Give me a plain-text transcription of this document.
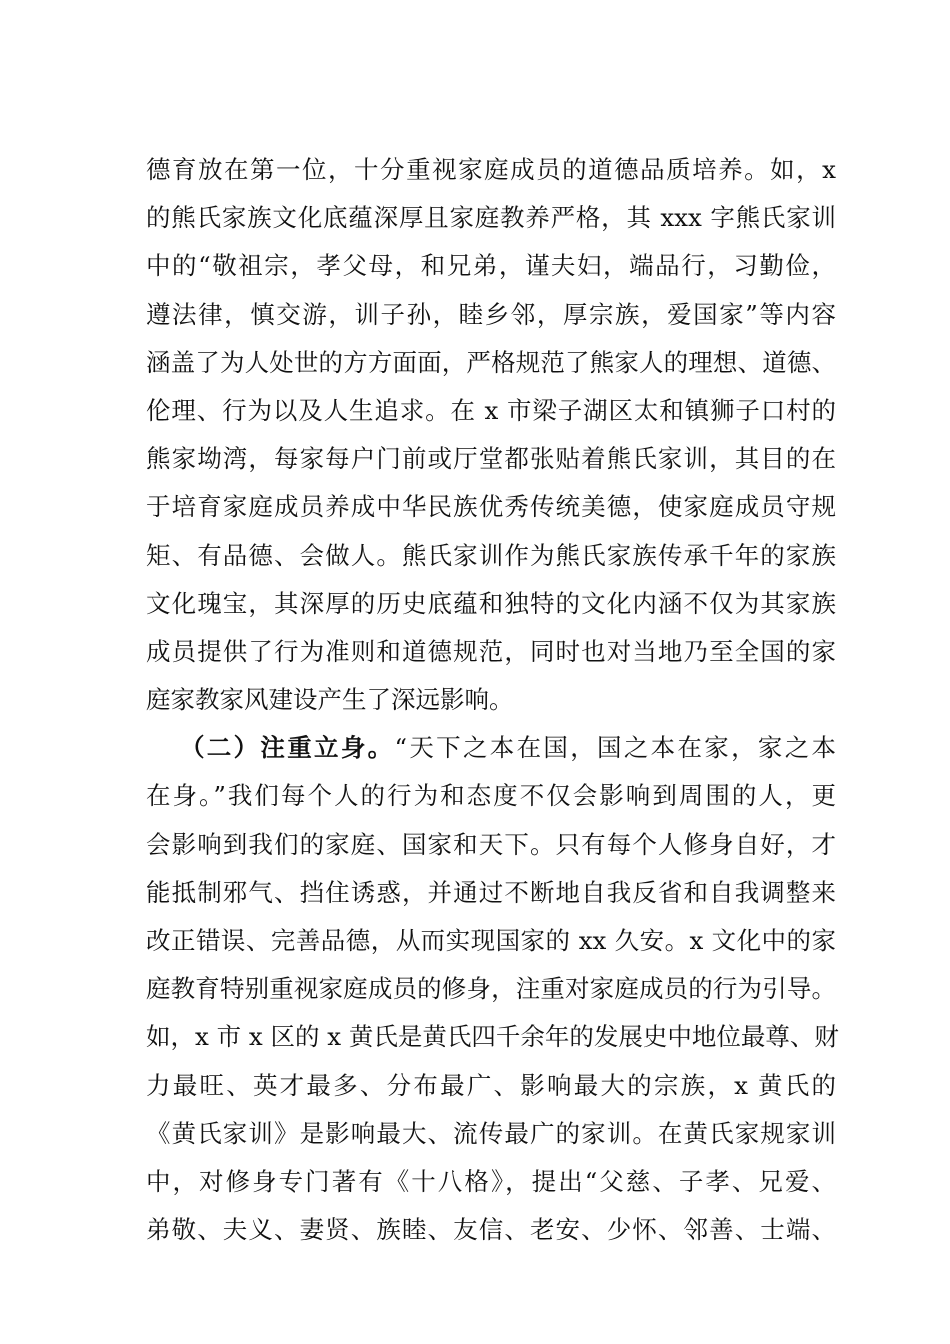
德育放在第一位，十分重视家庭成员的道德品质培养。如，x
的熊氏家族文化底蕴深厚且家庭教养严格，其 xxx 字熊氏家训
中的“敬祖宗，孝父母，和兄弟，谨夫妇，端品行，习勤俭，
遵法律，慎交游，训子孙，睦乡邻，厚宗族，爱国家”等内容
涵盖了为人处世的方方面面，严格规范了熊家人的理想、道德、
伦理、行为以及人生追求。在 x 市梁子湖区太和镇狮子口村的
熊家坳湾，每家每户门前或厅堂都张贴着熊氏家训，其目的在
于培育家庭成员养成中华民族优秀传统美德，使家庭成员守规
矩、有品德、会做人。熊氏家训作为熊氏家族传承千年的家族
文化瑰宝，其深厚的历史底蕴和独特的文化内涵不仅为其家族
成员提供了行为准则和道德规范，同时也对当地乃至全国的家
庭家教家风建设产生了深远影响。
（二）注重立身。“天下之本在国，国之本在家，家之本
在身。”我们每个人的行为和态度不仅会影响到周围的人，更
会影响到我们的家庭、国家和天下。只有每个人修身自好，才
能抵制邪气、挡住诱惑，并通过不断地自我反省和自我调整来
改正错误、完善品德，从而实现国家的 xx 久安。x 文化中的家
庭教育特别重视家庭成员的修身，注重对家庭成员的行为引导。
如，x 市 x 区的 x 黄氏是黄氏四千余年的发展史中地位最尊、财
力最旺、英才最多、分布最广、影响最大的宗族，x 黄氏的
《黄氏家训》是影响最大、流传最广的家训。在黄氏家规家训
中，对修身专门著有《十八格》，提出“父慈、子孝、兄爱、
弟敬、夫义、妻贤、族睦、友信、老安、少怀、邻善、士端、
